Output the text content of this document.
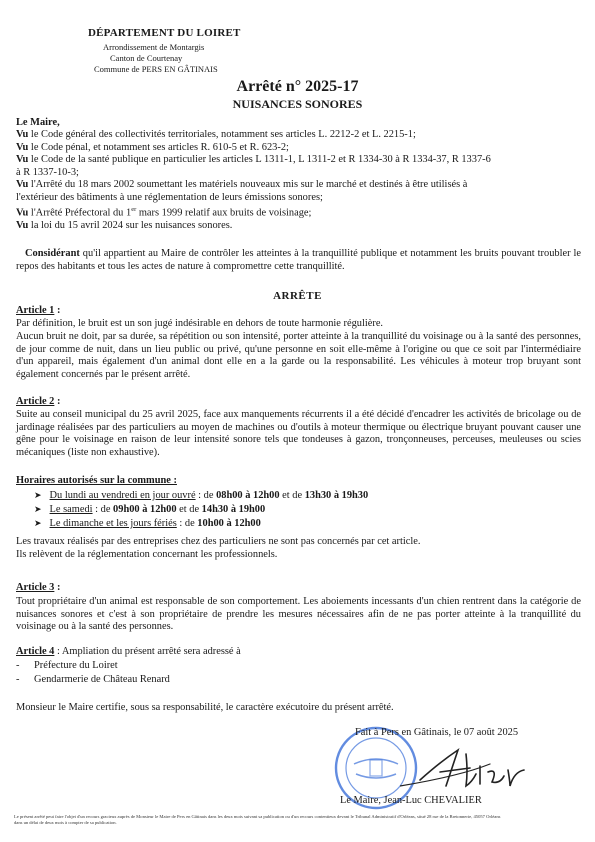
DÉPARTEMENT DU LOIRET
Arrondissement de Montargis
Canton de Courtenay
Commune de PERS EN GÂTINAIS
Arrêté n° 2025-17
NUISANCES SONORES
Le Maire,
Vu le Code général des collectivités territoriales, notamment ses articles L. 2212-2 et L. 2215-1;
Vu le Code pénal, et notamment ses articles R. 610-5 et R. 623-2;
Vu le Code de la santé publique en particulier les articles L 1311-1, L 1311-2 et R 1334-30 à R 1334-37, R 1337-6
à R 1337-10-3;
Vu l'Arrêté du 18 mars 2002 soumettant les matériels nouveaux mis sur le marché et destinés à être utilisés à
l'extérieur des bâtiments à une réglementation de leurs émissions sonores;
Vu l'Arrêté Préfectoral du 1er mars 1999 relatif aux bruits de voisinage;
Vu la loi du 15 avril 2024 sur les nuisances sonores.
Considérant qu'il appartient au Maire de contrôler les atteintes à la tranquillité publique et notamment les bruits pouvant troubler le repos des habitants et tous les actes de nature à compromettre cette tranquillité.
ARRÊTE
Article 1 :
Par définition, le bruit est un son jugé indésirable en dehors de toute harmonie régulière.
Aucun bruit ne doit, par sa durée, sa répétition ou son intensité, porter atteinte à la tranquillité du voisinage ou à la santé des personnes, de jour comme de nuit, dans un lieu public ou privé, qu'une personne en soit elle-même à l'origine ou que ce soit par l'intermédiaire d'un appareil, mais également d'un animal dont elle en a la garde ou la responsabilité. Les véhicules à moteur trop bruyant sont également concernés par le présent arrêté.
Article 2 :
Suite au conseil municipal du 25 avril 2025, face aux manquements récurrents il a été décidé d'encadrer les activités de bricolage ou de jardinage réalisées par des particuliers au moyen de machines ou d'outils à moteur thermique ou électrique bruyant pouvant causer une gêne pour le voisinage en raison de leur intensité sonore tels que tondeuses à gazon, tronçonneuses, perceuses, meuleuses ou scies mécaniques (liste non exhaustive).
Horaires autorisés sur la commune :
➤ Du lundi au vendredi en jour ouvré : de 08h00 à 12h00 et de 13h30 à 19h30
➤ Le samedi : de 09h00 à 12h00 et de 14h30 à 19h00
➤ Le dimanche et les jours fériés : de 10h00 à 12h00
Les travaux réalisés par des entreprises chez des particuliers ne sont pas concernés par cet article.
Ils relèvent de la réglementation concernant les professionnels.
Article 3 :
Tout propriétaire d'un animal est responsable de son comportement. Les aboiements incessants d'un chien rentrent dans la catégorie de nuisances sonores et c'est à son propriétaire de prendre les mesures nécessaires afin de ne pas porter atteinte à la tranquillité du voisinage ou à la santé des personnes.
Article 4 : Ampliation du présent arrêté sera adressé à
- Préfecture du Loiret
- Gendarmerie de Château Renard
Monsieur le Maire certifie, sous sa responsabilité, le caractère exécutoire du présent arrêté.
Fait à Pers en Gâtinais, le 07 août 2025
Le Maire, Jean-Luc CHEVALIER
Le présent arrêté peut faire l'objet d'un recours gracieux auprès de Monsieur le Maire de Pers en Gâtinais dans les deux mois suivant sa publication ou d'un recours contentieux devant le Tribunal Administratif d'Orléans, situé 28 rue de la Bretonnerie, 45057 Orléans
dans un délai de deux mois à compter de sa publication.
